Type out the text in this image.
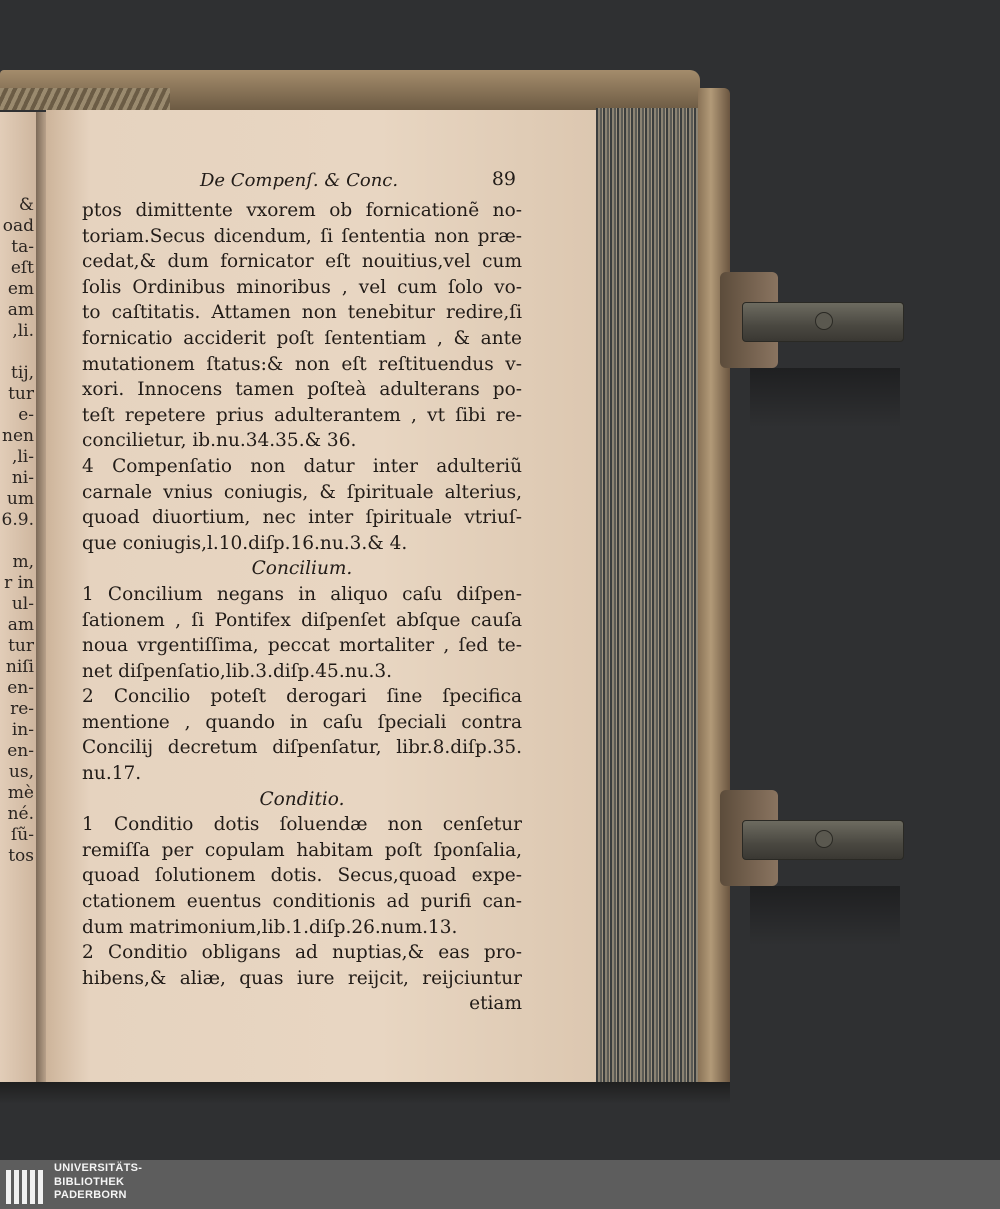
&
oad
ta-
eſt
em
am
,li.
tij,
tur
e-
nen
,li-
ni-
um
6.9.
m,
r in
ul-
am
tur
niſi
en-
re-
in-
en-
us,
mè
né.
ſũ-
tos
De Compenſ. & Conc.	89
ptos dimittente vxorem ob fornicationẽ no-
toriam.Secus dicendum, ſi ſententia non præ-
cedat,& dum fornicator eſt nouitius,vel cum
ſolis Ordinibus minoribus , vel cum ſolo vo-
to caſtitatis. Attamen non tenebitur redire,ſi
fornicatio acciderit poſt ſententiam , & ante
mutationem ſtatus:& non eſt reſtituendus v-
xori. Innocens tamen poſteà adulterans po-
teſt repetere prius adulterantem , vt ſibi re-
concilietur, ib.nu.34.35.& 36.
4 Compenſatio non datur inter adulteriũ
carnale vnius coniugis, & ſpirituale alterius,
quoad diuortium, nec inter ſpirituale vtriuſ-
que coniugis,l.10.diſp.16.nu.3.& 4.
Concilium.
1 Concilium negans in aliquo caſu diſpen-
ſationem , ſi Pontifex diſpenſet abſque cauſa
noua vrgentiſſima, peccat mortaliter , ſed te-
net diſpenſatio,lib.3.diſp.45.nu.3.
2 Concilio poteſt derogari ſine ſpecifica
mentione , quando in caſu ſpeciali contra
Concilij decretum diſpenſatur, libr.8.diſp.35.
nu.17.
Conditio.
1 Conditio dotis ſoluendæ non cenſetur
remiſſa per copulam habitam poſt ſponſalia,
quoad ſolutionem dotis. Secus,quoad expe-
ctationem euentus conditionis ad purifi can-
dum matrimonium,lib.1.diſp.26.num.13.
2 Conditio obligans ad nuptias,& eas pro-
hibens,& aliæ, quas iure reijcit, reijciuntur
etiam
UNIVERSITÄTS-
BIBLIOTHEK
PADERBORN
